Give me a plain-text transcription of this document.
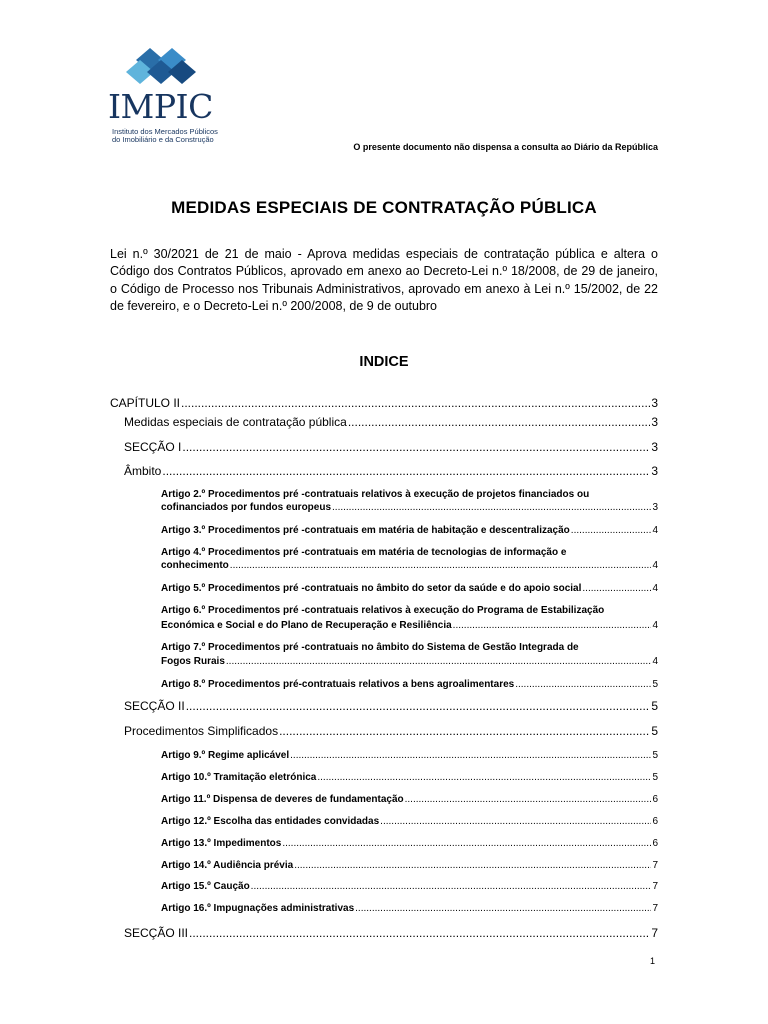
IMPIC
Instituto dos Mercados Públicos
do Imobiliário e da Construção
O presente documento não dispensa a consulta ao Diário da República
MEDIDAS ESPECIAIS DE CONTRATAÇÃO PÚBLICA
Lei n.º 30/2021 de 21 de maio - Aprova medidas especiais de contratação pública e altera o Código dos Contratos Públicos, aprovado em anexo ao Decreto-Lei n.º 18/2008, de 29 de janeiro, o Código de Processo nos Tribunais Administrativos, aprovado em anexo à Lei n.º 15/2002, de 22 de fevereiro, e o Decreto-Lei n.º 200/2008, de 9 de outubro
INDICE
CAPÍTULO II .....	3
Medidas especiais de contratação pública .....	3
SECÇÃO I .....	3
Âmbito .....	3
Artigo 2.º Procedimentos pré -contratuais relativos à execução de projetos financiados ou
cofinanciados por fundos europeus .....	3
Artigo 3.º Procedimentos pré -contratuais em matéria de habitação e descentralização .....	4
Artigo 4.º Procedimentos pré -contratuais em matéria de tecnologias de informação e
conhecimento .....	4
Artigo 5.º Procedimentos pré -contratuais no âmbito do setor da saúde e do apoio social .....	4
Artigo 6.º Procedimentos pré -contratuais relativos à execução do Programa de Estabilização
Económica e Social e do Plano de Recuperação e Resiliência .....	4
Artigo 7.º Procedimentos pré -contratuais no âmbito do Sistema de Gestão Integrada de
Fogos Rurais .....	4
Artigo 8.º Procedimentos pré-contratuais relativos a bens agroalimentares .....	5
SECÇÃO II .....	5
Procedimentos Simplificados .....	5
Artigo 9.º Regime aplicável .....	5
Artigo 10.º Tramitação eletrónica .....	5
Artigo 11.º Dispensa de deveres de fundamentação .....	6
Artigo 12.º Escolha das entidades convidadas .....	6
Artigo 13.º Impedimentos .....	6
Artigo 14.º Audiência prévia .....	7
Artigo 15.º Caução .....	7
Artigo 16.º Impugnações administrativas .....	7
SECÇÃO III .....	7
1
